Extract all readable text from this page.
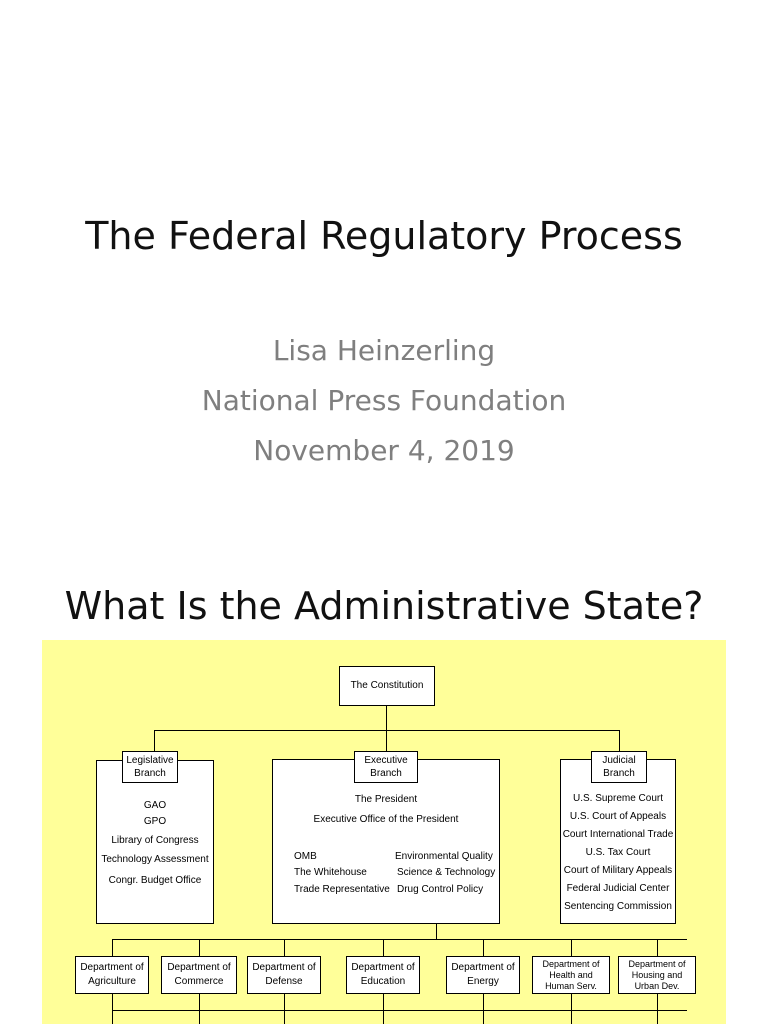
The Federal Regulatory Process
Lisa Heinzerling
National Press Foundation
November 4, 2019
What Is the Administrative State?
The Constitution
Legislative
Branch
GAO
GPO
Library of Congress
Technology Assessment
Congr. Budget Office
Executive
Branch
The President
Executive Office of the President
OMB
The Whitehouse
Trade Representative
Environmental Quality
Science & Technology
Drug Control Policy
Judicial
Branch
U.S. Supreme Court
U.S. Court of Appeals
Court International Trade
U.S. Tax Court
Court of Military Appeals
Federal Judicial Center
Sentencing Commission
Department of
Agriculture
Department of
Commerce
Department of
Defense
Department of
Education
Department of
Energy
Department of
Health and
Human Serv.
Department of
Housing and
Urban Dev.
